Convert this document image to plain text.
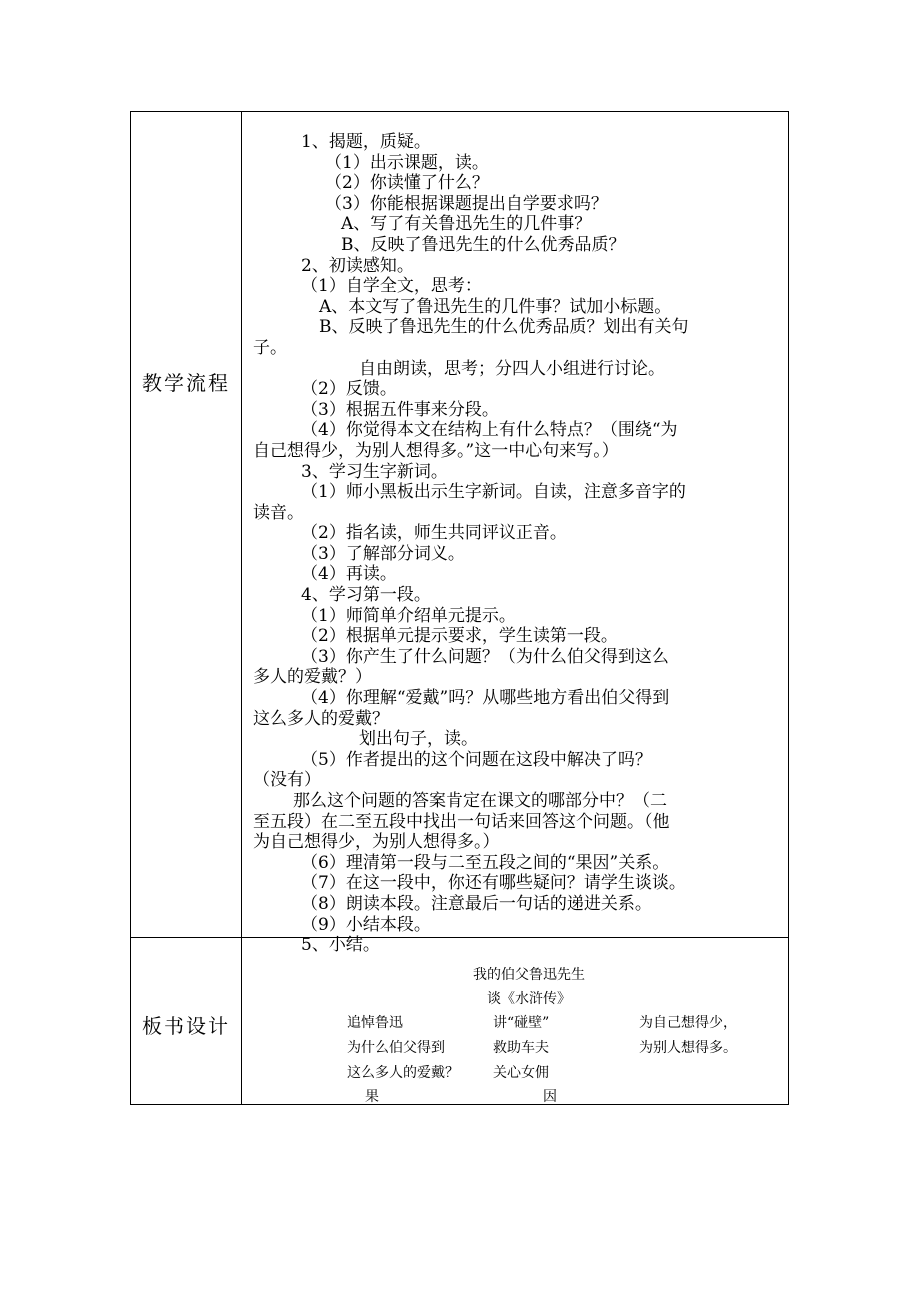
教学流程
板书设计
1、揭题，质疑。
（1）出示课题，读。
（2）你读懂了什么？
（3）你能根据课题提出自学要求吗？
A、写了有关鲁迅先生的几件事？
B、反映了鲁迅先生的什么优秀品质？
2、初读感知。
（1）自学全文，思考：
A、本文写了鲁迅先生的几件事？试加小标题。
B、反映了鲁迅先生的什么优秀品质？划出有关句
子。
自由朗读，思考；分四人小组进行讨论。
（2）反馈。
（3）根据五件事来分段。
（4）你觉得本文在结构上有什么特点？（围绕“为
自己想得少，为别人想得多。”这一中心句来写。）
3、学习生字新词。
（1）师小黑板出示生字新词。自读，注意多音字的
读音。
（2）指名读，师生共同评议正音。
（3）了解部分词义。
（4）再读。
4、学习第一段。
（1）师简单介绍单元提示。
（2）根据单元提示要求，学生读第一段。
（3）你产生了什么问题？（为什么伯父得到这么
多人的爱戴？）
（4）你理解“爱戴”吗？从哪些地方看出伯父得到
这么多人的爱戴？
划出句子，读。
（5）作者提出的这个问题在这段中解决了吗？
（没有）
那么这个问题的答案肯定在课文的哪部分中？（二
至五段）在二至五段中找出一句话来回答这个问题。（他
为自己想得少，为别人想得多。）
（6）理清第一段与二至五段之间的“果因”关系。
（7）在这一段中，你还有哪些疑问？请学生谈谈。
（8）朗读本段。注意最后一句话的递进关系。
（9）小结本段。
5、小结。
我的伯父鲁迅先生
谈《水浒传》
讲“碰壁”
救助车夫
关心女佣
追悼鲁迅
为什么伯父得到
这么多人的爱戴？
为自己想得少，
为别人想得多。
果	因
